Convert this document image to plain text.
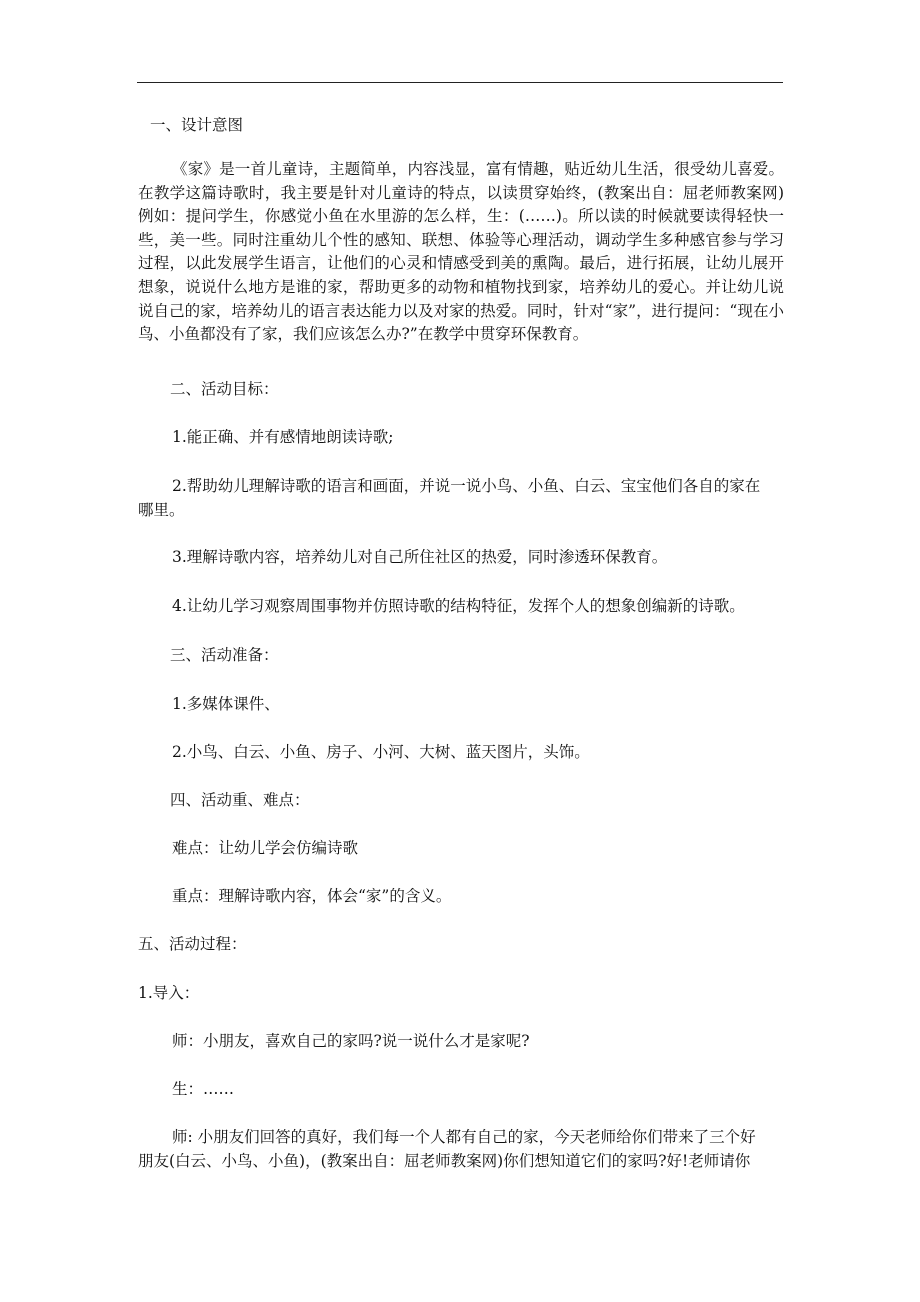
一、设计意图
《家》是一首儿童诗，主题简单，内容浅显，富有情趣，贴近幼儿生活，很受幼儿喜爱。在教学这篇诗歌时，我主要是针对儿童诗的特点，以读贯穿始终，(教案出自：屈老师教案网)例如：提问学生，你感觉小鱼在水里游的怎么样，生：(……)。所以读的时候就要读得轻快一些，美一些。同时注重幼儿个性的感知、联想、体验等心理活动，调动学生多种感官参与学习过程，以此发展学生语言，让他们的心灵和情感受到美的熏陶。最后，进行拓展，让幼儿展开想象，说说什么地方是谁的家，帮助更多的动物和植物找到家，培养幼儿的爱心。并让幼儿说说自己的家，培养幼儿的语言表达能力以及对家的热爱。同时，针对“家”，进行提问：“现在小鸟、小鱼都没有了家，我们应该怎么办?”在教学中贯穿环保教育。
二、活动目标：
1.能正确、并有感情地朗读诗歌;
2.帮助幼儿理解诗歌的语言和画面，并说一说小鸟、小鱼、白云、宝宝他们各自的家在
哪里。
3.理解诗歌内容，培养幼儿对自己所住社区的热爱，同时渗透环保教育。
4.让幼儿学习观察周围事物并仿照诗歌的结构特征，发挥个人的想象创编新的诗歌。
三、活动准备：
1.多媒体课件、
2.小鸟、白云、小鱼、房子、小河、大树、蓝天图片，头饰。
四、活动重、难点：
难点：让幼儿学会仿编诗歌
重点：理解诗歌内容，体会“家”的含义。
五、活动过程：
1.导入：
师：小朋友，喜欢自己的家吗?说一说什么才是家呢?
生：……
师: 小朋友们回答的真好，我们每一个人都有自己的家，今天老师给你们带来了三个好
朋友(白云、小鸟、小鱼)，(教案出自：屈老师教案网)你们想知道它们的家吗?好!老师请你
